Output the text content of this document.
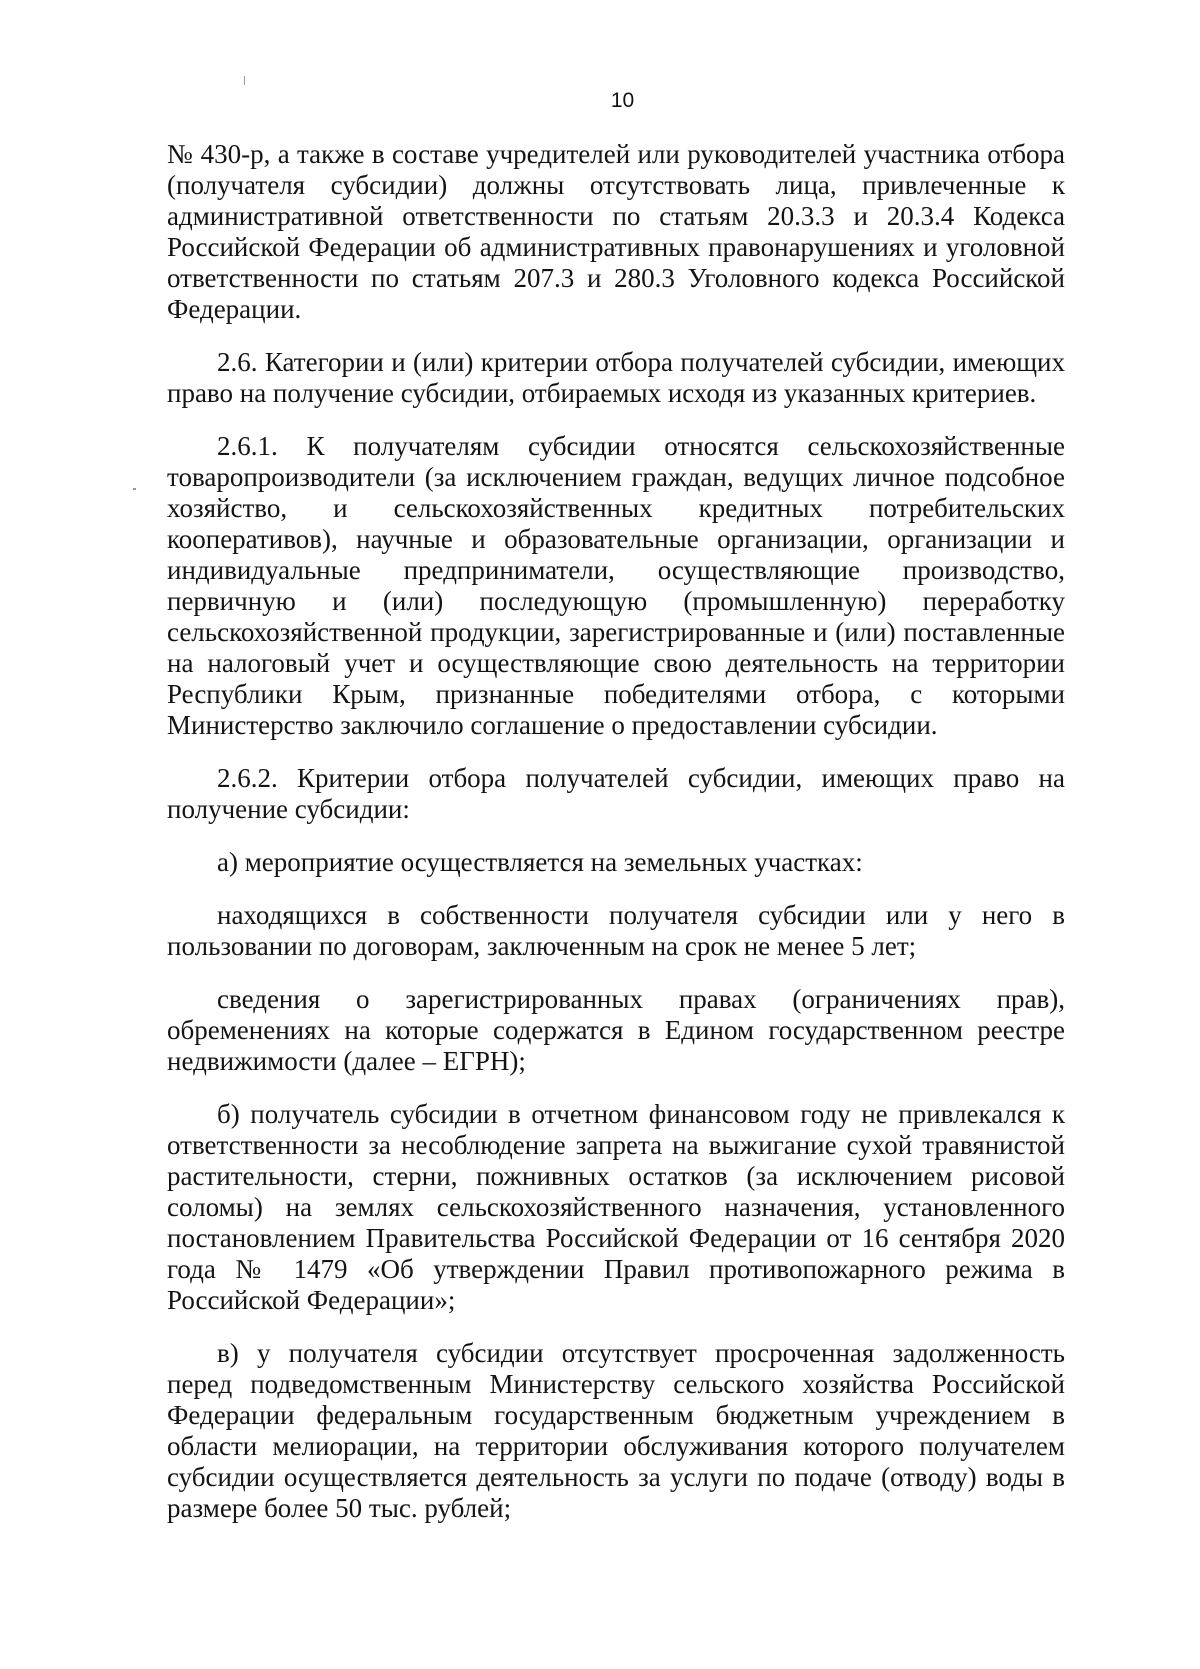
10

№ 430-р, а также в составе учредителей или руководителей участника отбора (получателя субсидии) должны отсутствовать лица, привлеченные к административной ответственности по статьям 20.3.3 и 20.3.4 Кодекса Российской Федерации об административных правонарушениях и уголовной ответственности по статьям 207.3 и 280.3 Уголовного кодекса Российской Федерации.

2.6. Категории и (или) критерии отбора получателей субсидии, имеющих право на получение субсидии, отбираемых исходя из указанных критериев.

2.6.1. К получателям субсидии относятся сельскохозяйственные товаропроизводители (за исключением граждан, ведущих личное подсобное хозяйство, и сельскохозяйственных кредитных потребительских кооперативов), научные и образовательные организации, организации и индивидуальные предприниматели, осуществляющие производство, первичную и (или) последующую (промышленную) переработку сельскохозяйственной продукции, зарегистрированные и (или) поставленные на налоговый учет и осуществляющие свою деятельность на территории Республики Крым, признанные победителями отбора, с которыми Министерство заключило соглашение о предоставлении субсидии.

2.6.2. Критерии отбора получателей субсидии, имеющих право на получение субсидии:

а) мероприятие осуществляется на земельных участках:

находящихся в собственности получателя субсидии или у него в пользовании по договорам, заключенным на срок не менее 5 лет;

сведения о зарегистрированных правах (ограничениях прав), обременениях на которые содержатся в Едином государственном реестре недвижимости (далее – ЕГРН);

б) получатель субсидии в отчетном финансовом году не привлекался к ответственности за несоблюдение запрета на выжигание сухой травянистой растительности, стерни, пожнивных остатков (за исключением рисовой соломы) на землях сельскохозяйственного назначения, установленного постановлением Правительства Российской Федерации от 16 сентября 2020 года № 1479 «Об утверждении Правил противопожарного режима в Российской Федерации»;

в) у получателя субсидии отсутствует просроченная задолженность перед подведомственным Министерству сельского хозяйства Российской Федерации федеральным государственным бюджетным учреждением в области мелиорации, на территории обслуживания которого получателем субсидии осуществляется деятельность за услуги по подаче (отводу) воды в размере более 50 тыс. рублей;
